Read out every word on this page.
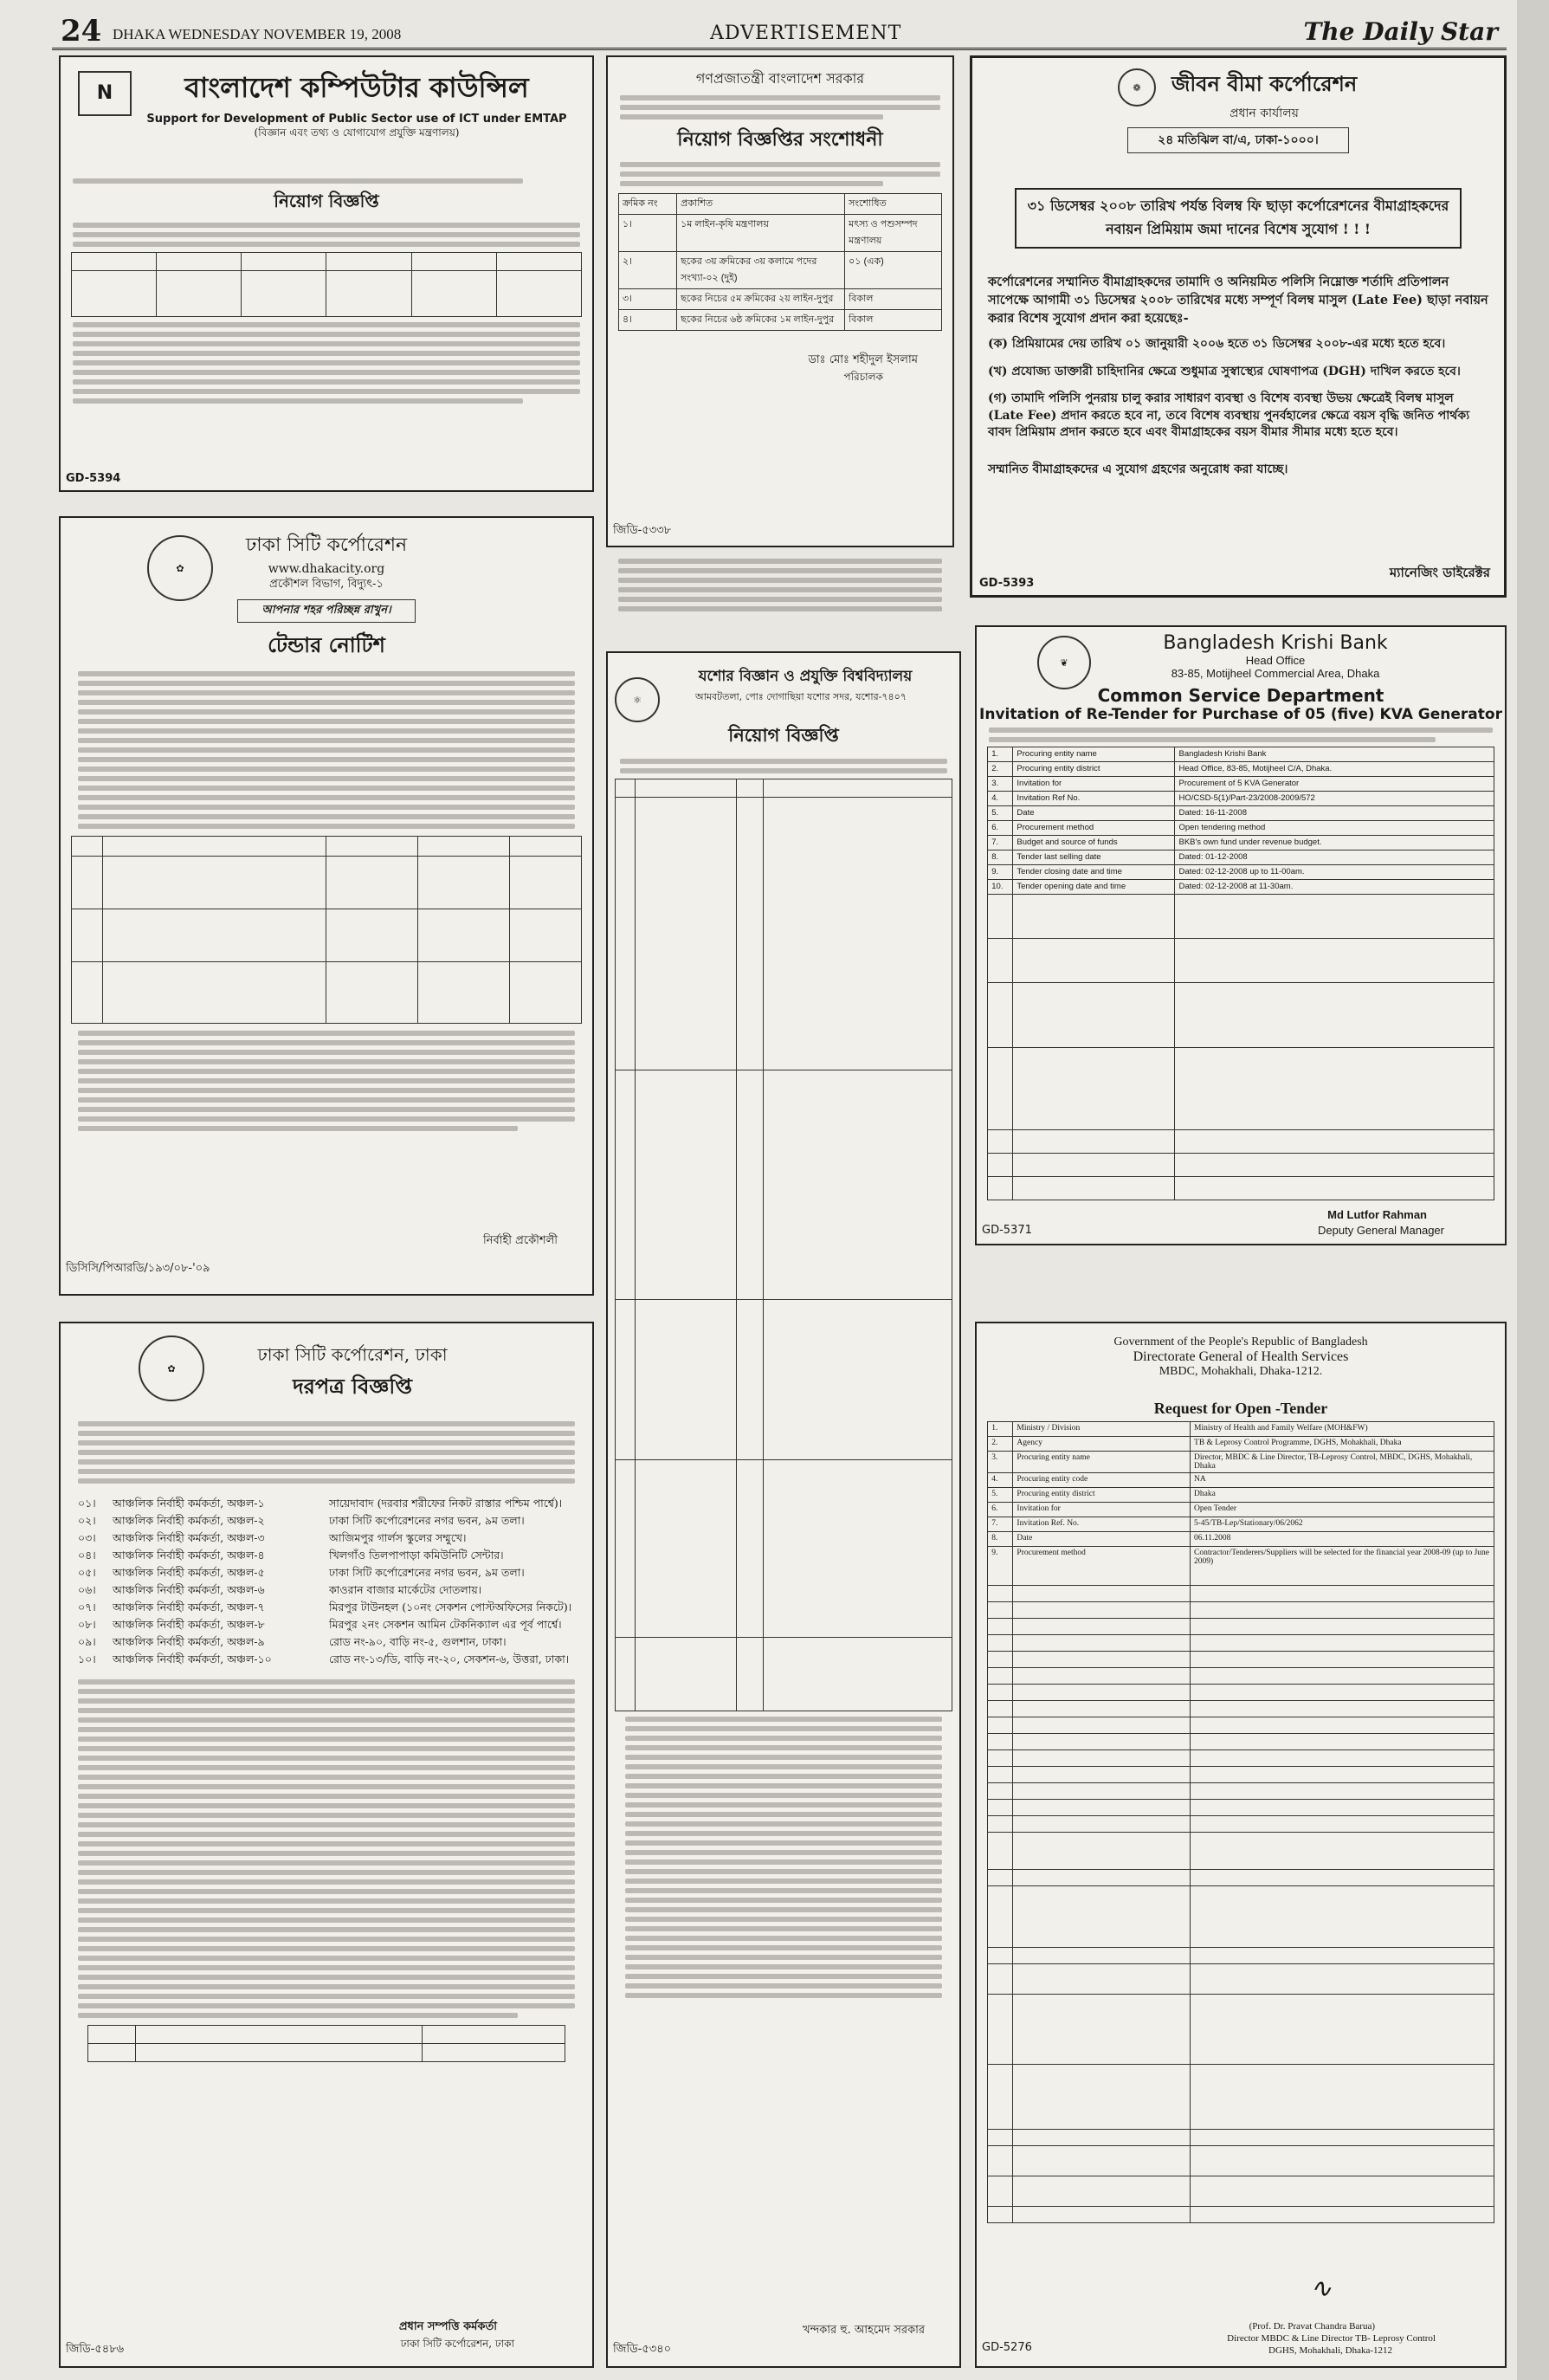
24 DHAKA WEDNESDAY NOVEMBER 19, 2008	ADVERTISEMENT	The Daily Star
N	বাংলাদেশ কম্পিউটার কাউন্সিল
Support for Development of Public Sector use of ICT under EMTAP
(বিজ্ঞান এবং তথ্য ও যোগাযোগ প্রযুক্তি মন্ত্রণালয়)
নিয়োগ বিজ্ঞপ্তি

GD-5394
গণপ্রজাতন্ত্রী বাংলাদেশ সরকার
নিয়োগ বিজ্ঞপ্তির সংশোধনী
ক্রমিক নং	প্রকাশিত	সংশোধিত
১।	১ম লাইন-কৃষি মন্ত্রণালয়	মৎস্য ও পশুসম্পদ মন্ত্রণালয়
২।	ছকের ৩য় ক্রমিকের ৩য় কলামে পদের সংখ্যা-০২ (দুই)	০১ (এক)
৩।	ছকের নিচের ৫ম ক্রমিকের ২য় লাইন-দুপুর	বিকাল
৪।	ছকের নিচের ৬ষ্ঠ ক্রমিকের ১ম লাইন-দুপুর	বিকাল
ডাঃ মোঃ শহীদুল ইসলাম
পরিচালক
জিডি-৫৩৩৮
❁	জীবন বীমা কর্পোরেশন
প্রধান কার্যালয়
২৪ মতিঝিল বা/এ, ঢাকা-১০০০।
৩১ ডিসেম্বর ২০০৮ তারিখ পর্যন্ত বিলম্ব ফি ছাড়া কর্পোরেশনের বীমাগ্রাহকদের নবায়ন প্রিমিয়াম জমা দানের বিশেষ সুযোগ ! ! !
কর্পোরেশনের সম্মানিত বীমাগ্রাহকদের তামাদি ও অনিয়মিত পলিসি নিম্নোক্ত শর্তাদি প্রতিপালন সাপেক্ষে আগামী ৩১ ডিসেম্বর ২০০৮ তারিখের মধ্যে সম্পূর্ণ বিলম্ব মাসুল (Late Fee) ছাড়া নবায়ন করার বিশেষ সুযোগ প্রদান করা হয়েছেঃ-
(ক) প্রিমিয়ামের দেয় তারিখ ০১ জানুয়ারী ২০০৬ হতে ৩১ ডিসেম্বর ২০০৮-এর মধ্যে হতে হবে।
(খ) প্রযোজ্য ডাক্তারী চাহিদানির ক্ষেত্রে শুধুমাত্র সুস্বাস্থ্যের ঘোষণাপত্র (DGH) দাখিল করতে হবে।
(গ) তামাদি পলিসি পুনরায় চালু করার সাধারণ ব্যবস্থা ও বিশেষ ব্যবস্থা উভয় ক্ষেত্রেই বিলম্ব মাসুল (Late Fee) প্রদান করতে হবে না, তবে বিশেষ ব্যবস্থায় পুনর্বহালের ক্ষেত্রে বয়স বৃদ্ধি জনিত পার্থক্য বাবদ প্রিমিয়াম প্রদান করতে হবে এবং বীমাগ্রাহকের বয়স বীমার সীমার মধ্যে হতে হবে।
সম্মানিত বীমাগ্রাহকদের এ সুযোগ গ্রহণের অনুরোধ করা যাচ্ছে।
ম্যানেজিং ডাইরেক্টর
GD-5393
✿
ঢাকা সিটি কর্পোরেশন
www.dhakacity.org
প্রকৌশল বিভাগ, বিদ্যুৎ-১
আপনার শহর পরিচ্ছন্ন রাখুন।
টেন্ডার নোটিশ

নির্বাহী প্রকৌশলী
ডিসিসি/পিআরডি/১৯৩/০৮-'০৯
⚛
যশোর বিজ্ঞান ও প্রযুক্তি বিশ্ববিদ্যালয়
আমবটতলা, পোঃ দোগাছিয়া যশোর সদর, যশোর-৭৪০৭
নিয়োগ বিজ্ঞপ্তি

খন্দকার হু. আহমেদ সরকার
জিডি-৫৩৪০
❦
Bangladesh Krishi Bank
Head Office
83-85, Motijheel Commercial Area, Dhaka
Common Service Department
Invitation of Re-Tender for Purchase of 05 (five) KVA Generator
1.	Procuring entity name	Bangladesh Krishi Bank
2.	Procuring entity district	Head Office, 83-85, Motijheel C/A, Dhaka.
3.	Invitation for	Procurement of 5 KVA Generator
4.	Invitation Ref No.	HO/CSD-5(1)/Part-23/2008-2009/572
5.	Date	Dated: 16-11-2008
6.	Procurement method	Open tendering method
7.	Budget and source of funds	BKB's own fund under revenue budget.
8.	Tender last selling date	Dated: 01-12-2008
9.	Tender closing date and time	Dated: 02-12-2008 up to 11-00am.
10.	Tender opening date and time	Dated: 02-12-2008 at 11-30am.

Md Lutfor Rahman
Deputy General Manager
GD-5371
✿
ঢাকা সিটি কর্পোরেশন, ঢাকা
দরপত্র বিজ্ঞপ্তি
০১।	আঞ্চলিক নির্বাহী কর্মকর্তা, অঞ্চল-১	সায়েদাবাদ (দরবার শরীফের নিকট রাস্তার পশ্চিম পার্শ্বে)।
০২।	আঞ্চলিক নির্বাহী কর্মকর্তা, অঞ্চল-২	ঢাকা সিটি কর্পোরেশনের নগর ভবন, ৯ম তলা।
০৩।	আঞ্চলিক নির্বাহী কর্মকর্তা, অঞ্চল-৩	আজিমপুর গার্লস স্কুলের সম্মুখে।
০৪।	আঞ্চলিক নির্বাহী কর্মকর্তা, অঞ্চল-৪	খিলগাঁও তিলপাপাড়া কমিউনিটি সেন্টার।
০৫।	আঞ্চলিক নির্বাহী কর্মকর্তা, অঞ্চল-৫	ঢাকা সিটি কর্পোরেশনের নগর ভবন, ৯ম তলা।
০৬।	আঞ্চলিক নির্বাহী কর্মকর্তা, অঞ্চল-৬	কাওরান বাজার মার্কেটের দোতলায়।
০৭।	আঞ্চলিক নির্বাহী কর্মকর্তা, অঞ্চল-৭	মিরপুর টাউনহল (১০নং সেকশন পোস্টঅফিসের নিকটে)।
০৮।	আঞ্চলিক নির্বাহী কর্মকর্তা, অঞ্চল-৮	মিরপুর ২নং সেকশন আমিন টেকনিক্যাল এর পূর্ব পার্শ্বে।
০৯।	আঞ্চলিক নির্বাহী কর্মকর্তা, অঞ্চল-৯	রোড নং-৯০, বাড়ি নং-৫, গুলশান, ঢাকা।
১০।	আঞ্চলিক নির্বাহী কর্মকর্তা, অঞ্চল-১০	রোড নং-১৩/ডি, বাড়ি নং-২০, সেকশন-৬, উত্তরা, ঢাকা।

প্রধান সম্পত্তি কর্মকর্তা
ঢাকা সিটি কর্পোরেশন, ঢাকা
জিডি-৫৪৮৬
Government of the People's Republic of Bangladesh
Directorate General of Health Services
MBDC, Mohakhali, Dhaka-1212.
Request for Open -Tender
1.	Ministry / Division	Ministry of Health and Family Welfare (MOH&FW)
2.	Agency	TB & Leprosy Control Programme, DGHS, Mohakhali, Dhaka
3.	Procuring entity name	Director, MBDC & Line Director, TB-Leprosy Control, MBDC, DGHS, Mohakhali, Dhaka
4.	Procuring entity code	NA
5.	Procuring entity district	Dhaka
6.	Invitation for	Open Tender
7.	Invitation Ref. No.	5-45/TB-Lep/Stationary/06/2062
8.	Date	06.11.2008
9.	Procurement method	Contractor/Tenderers/Suppliers will be selected for the financial year 2008-09 (up to June 2009)

∿
(Prof. Dr. Pravat Chandra Barua)
Director MBDC & Line Director TB- Leprosy Control
DGHS, Mohakhali, Dhaka-1212
GD-5276
